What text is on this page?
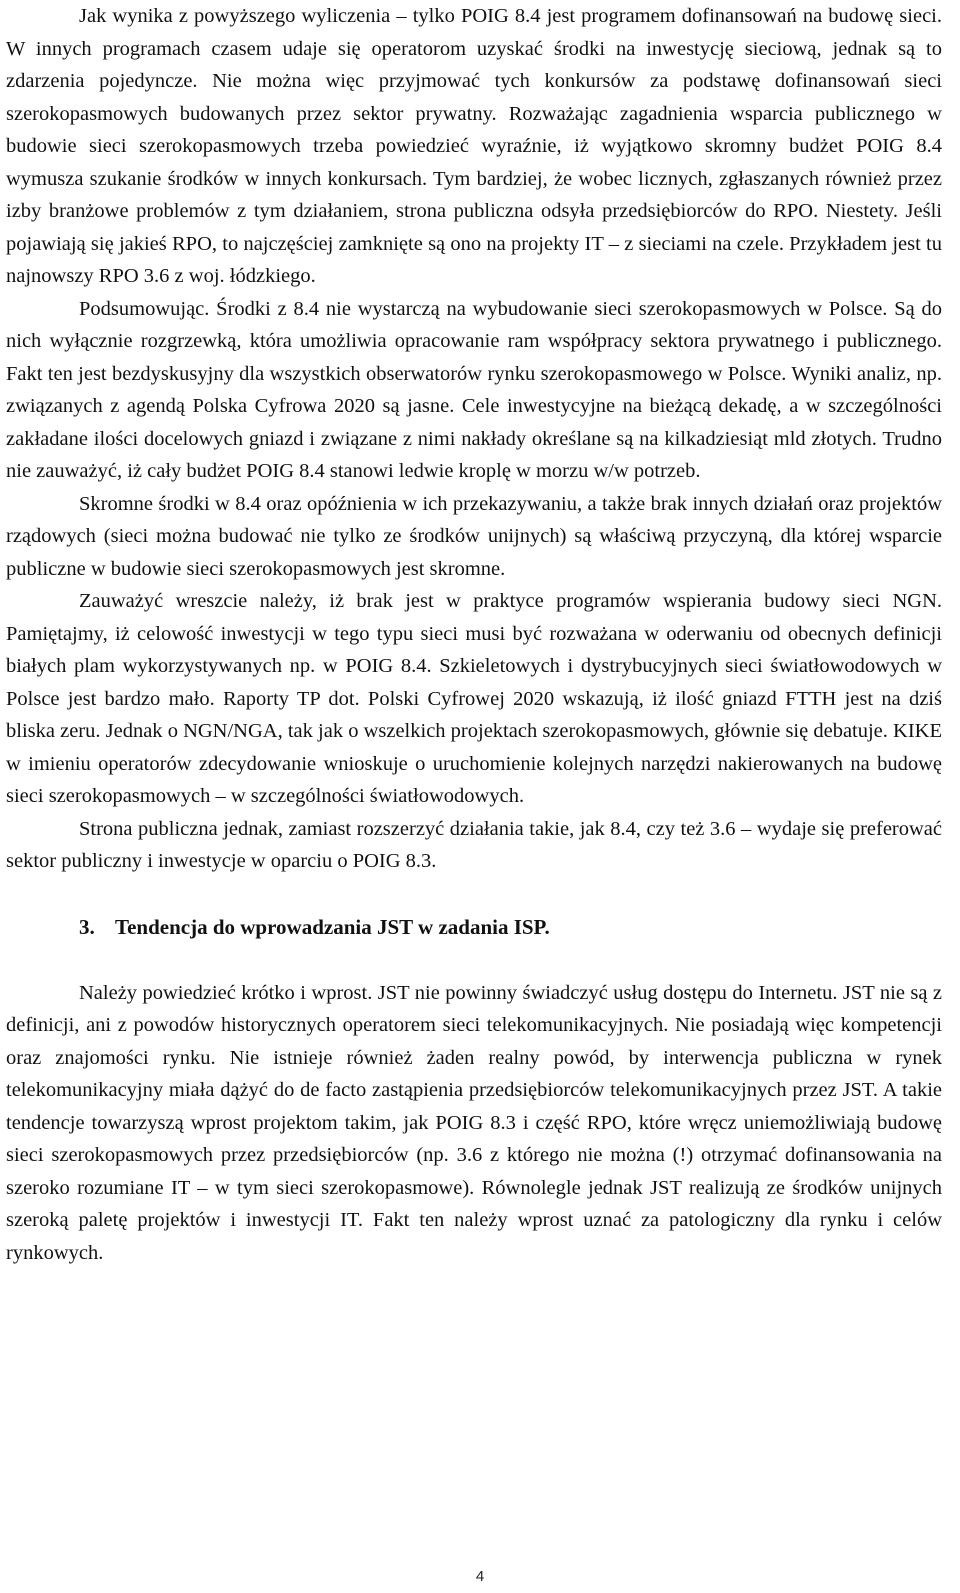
Jak wynika z powyższego wyliczenia – tylko POIG 8.4 jest programem dofinansowań na budowę sieci. W innych programach czasem udaje się operatorom uzyskać środki na inwestycję sieciową, jednak są to zdarzenia pojedyncze. Nie można więc przyjmować tych konkursów za podstawę dofinansowań sieci szerokopasmowych budowanych przez sektor prywatny. Rozważając zagadnienia wsparcia publicznego w budowie sieci szerokopasmowych trzeba powiedzieć wyraźnie, iż wyjątkowo skromny budżet POIG 8.4 wymusza szukanie środków w innych konkursach. Tym bardziej, że wobec licznych, zgłaszanych również przez izby branżowe problemów z tym działaniem, strona publiczna odsyła przedsiębiorców do RPO. Niestety. Jeśli pojawiają się jakieś RPO, to najczęściej zamknięte są ono na projekty IT – z sieciami na czele. Przykładem jest tu najnowszy RPO 3.6 z woj. łódzkiego.

Podsumowując. Środki z 8.4 nie wystarczą na wybudowanie sieci szerokopasmowych w Polsce. Są do nich wyłącznie rozgrzewką, która umożliwia opracowanie ram współpracy sektora prywatnego i publicznego. Fakt ten jest bezdyskusyjny dla wszystkich obserwatorów rynku szerokopasmowego w Polsce. Wyniki analiz, np. związanych z agendą Polska Cyfrowa 2020 są jasne. Cele inwestycyjne na bieżącą dekadę, a w szczególności zakładane ilości docelowych gniazd i związane z nimi nakłady określane są na kilkadziesiąt mld złotych. Trudno nie zauważyć, iż cały budżet POIG 8.4 stanowi ledwie kroplę w morzu w/w potrzeb.

Skromne środki w 8.4 oraz opóźnienia w ich przekazywaniu, a także brak innych działań oraz projektów rządowych (sieci można budować nie tylko ze środków unijnych) są właściwą przyczyną, dla której wsparcie publiczne w budowie sieci szerokopasmowych jest skromne.

Zauważyć wreszcie należy, iż brak jest w praktyce programów wspierania budowy sieci NGN. Pamiętajmy, iż celowość inwestycji w tego typu sieci musi być rozważana w oderwaniu od obecnych definicji białych plam wykorzystywanych np. w POIG 8.4. Szkieletowych i dystrybucyjnych sieci światłowodowych w Polsce jest bardzo mało. Raporty TP dot. Polski Cyfrowej 2020 wskazują, iż ilość gniazd FTTH jest na dziś bliska zeru. Jednak o NGN/NGA, tak jak o wszelkich projektach szerokopasmowych, głównie się debatuje. KIKE w imieniu operatorów zdecydowanie wnioskuje o uruchomienie kolejnych narzędzi nakierowanych na budowę sieci szerokopasmowych – w szczególności światłowodowych.

Strona publiczna jednak, zamiast rozszerzyć działania takie, jak 8.4, czy też 3.6 – wydaje się preferować sektor publiczny i inwestycje w oparciu o POIG 8.3.

3. Tendencja do wprowadzania JST w zadania ISP.

Należy powiedzieć krótko i wprost. JST nie powinny świadczyć usług dostępu do Internetu. JST nie są z definicji, ani z powodów historycznych operatorem sieci telekomunikacyjnych. Nie posiadają więc kompetencji oraz znajomości rynku. Nie istnieje również żaden realny powód, by interwencja publiczna w rynek telekomunikacyjny miała dążyć do de facto zastąpienia przedsiębiorców telekomunikacyjnych przez JST. A takie tendencje towarzyszą wprost projektom takim, jak POIG 8.3 i część RPO, które wręcz uniemożliwiają budowę sieci szerokopasmowych przez przedsiębiorców (np. 3.6 z którego nie można (!) otrzymać dofinansowania na szeroko rozumiane IT – w tym sieci szerokopasmowe). Równolegle jednak JST realizują ze środków unijnych szeroką paletę projektów i inwestycji IT. Fakt ten należy wprost uznać za patologiczny dla rynku i celów rynkowych.

4
